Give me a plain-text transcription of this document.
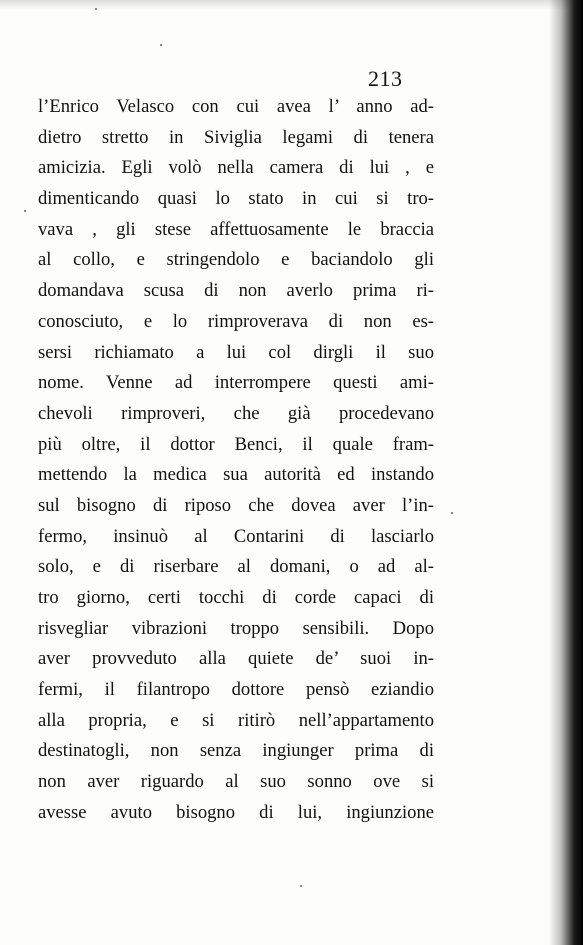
213
l’Enrico Velasco con cui avea l’ anno ad-
dietro stretto in Siviglia legami di tenera
amicizia. Egli volò nella camera di lui , e
dimenticando quasi lo stato in cui si tro-
vava , gli stese affettuosamente le braccia
al collo, e stringendolo e baciandolo gli
domandava scusa di non averlo prima ri-
conosciuto, e lo rimproverava di non es-
sersi richiamato a lui col dirgli il suo
nome. Venne ad interrompere questi ami-
chevoli rimproveri, che già procedevano
più oltre, il dottor Benci, il quale fram-
mettendo la medica sua autorità ed instando
sul bisogno di riposo che dovea aver l’in-
fermo, insinuò al Contarini di lasciarlo
solo, e di riserbare al domani, o ad al-
tro giorno, certi tocchi di corde capaci di
risvegliar vibrazioni troppo sensibili. Dopo
aver provveduto alla quiete de’ suoi in-
fermi, il filantropo dottore pensò eziandio
alla propria, e si ritirò nell’appartamento
destinatogli, non senza ingiunger prima di
non aver riguardo al suo sonno ove si
avesse avuto bisogno di lui, ingiunzione
